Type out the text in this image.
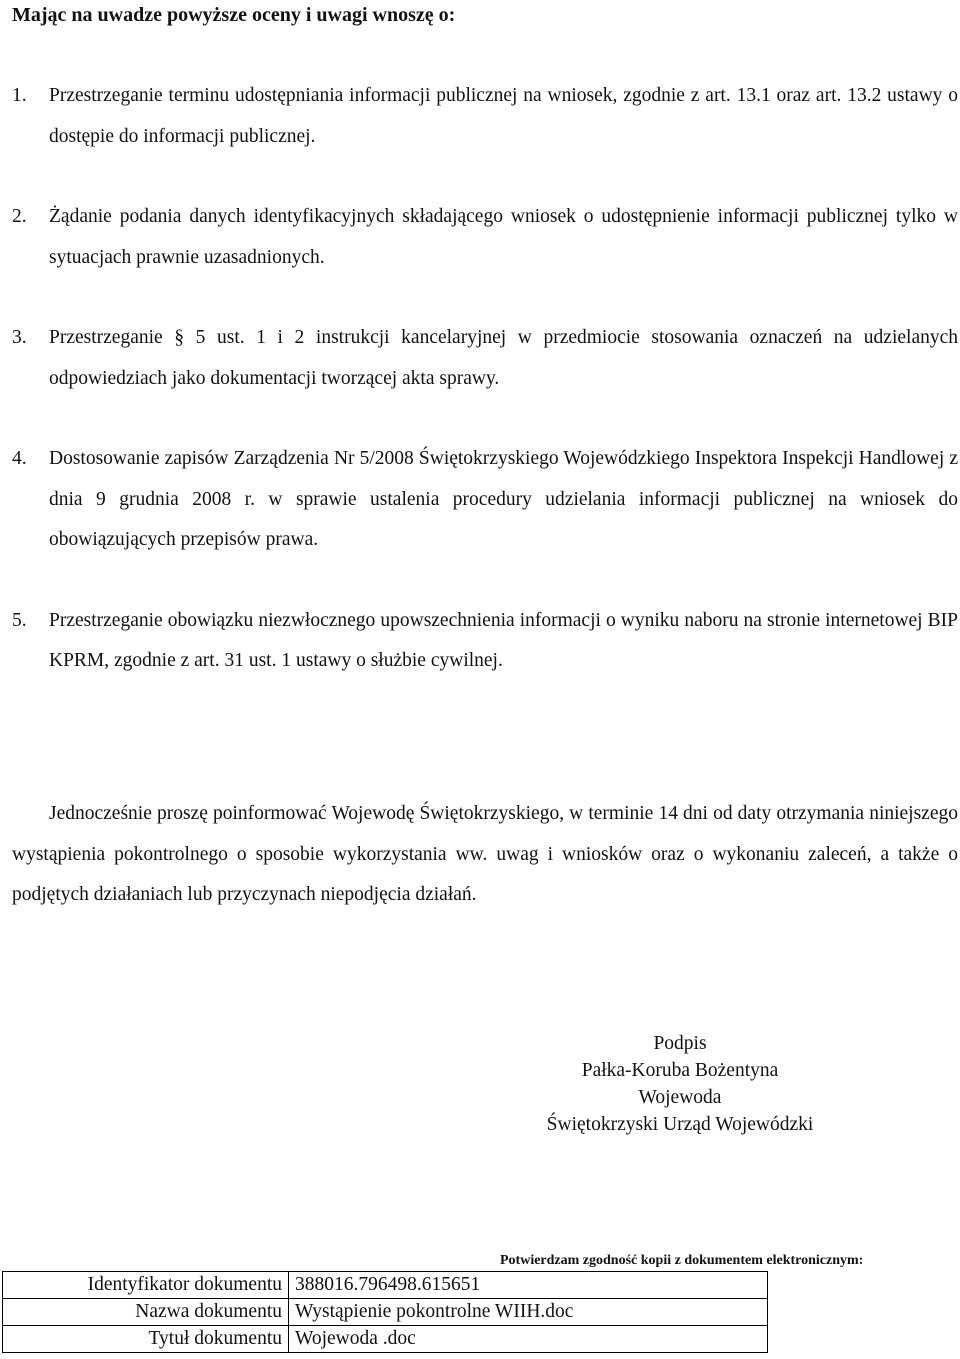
Mając na uwadze powyższe oceny i uwagi wnoszę o:
1.	Przestrzeganie terminu udostępniania informacji publicznej na wniosek, zgodnie z art. 13.1 oraz art. 13.2 ustawy o dostępie do informacji publicznej.
2.	Żądanie podania danych identyfikacyjnych składającego wniosek o udostępnienie informacji publicznej tylko w sytuacjach prawnie uzasadnionych.
3.	Przestrzeganie § 5 ust. 1 i 2 instrukcji kancelaryjnej w przedmiocie stosowania oznaczeń na udzielanych odpowiedziach jako dokumentacji tworzącej akta sprawy.
4.	Dostosowanie zapisów Zarządzenia Nr 5/2008 Świętokrzyskiego Wojewódzkiego Inspektora Inspekcji Handlowej z dnia 9 grudnia 2008 r. w sprawie ustalenia procedury udzielania informacji publicznej na wniosek do obowiązujących przepisów prawa.
5.	Przestrzeganie obowiązku niezwłocznego upowszechnienia informacji o wyniku naboru na stronie internetowej BIP KPRM, zgodnie z art. 31 ust. 1 ustawy o służbie cywilnej.
Jednocześnie proszę poinformować Wojewodę Świętokrzyskiego, w terminie 14 dni od daty otrzymania niniejszego wystąpienia pokontrolnego o sposobie wykorzystania ww. uwag i wniosków oraz o wykonaniu zaleceń, a także o podjętych działaniach lub przyczynach niepodjęcia działań.
Podpis
Pałka-Koruba Bożentyna
Wojewoda
Świętokrzyski Urząd Wojewódzki
Potwierdzam zgodność kopii z dokumentem elektronicznym:
Identyfikator dokumentu	388016.796498.615651
Nazwa dokumentu	Wystąpienie pokontrolne WIIH.doc
Tytuł dokumentu	Wojewoda .doc
